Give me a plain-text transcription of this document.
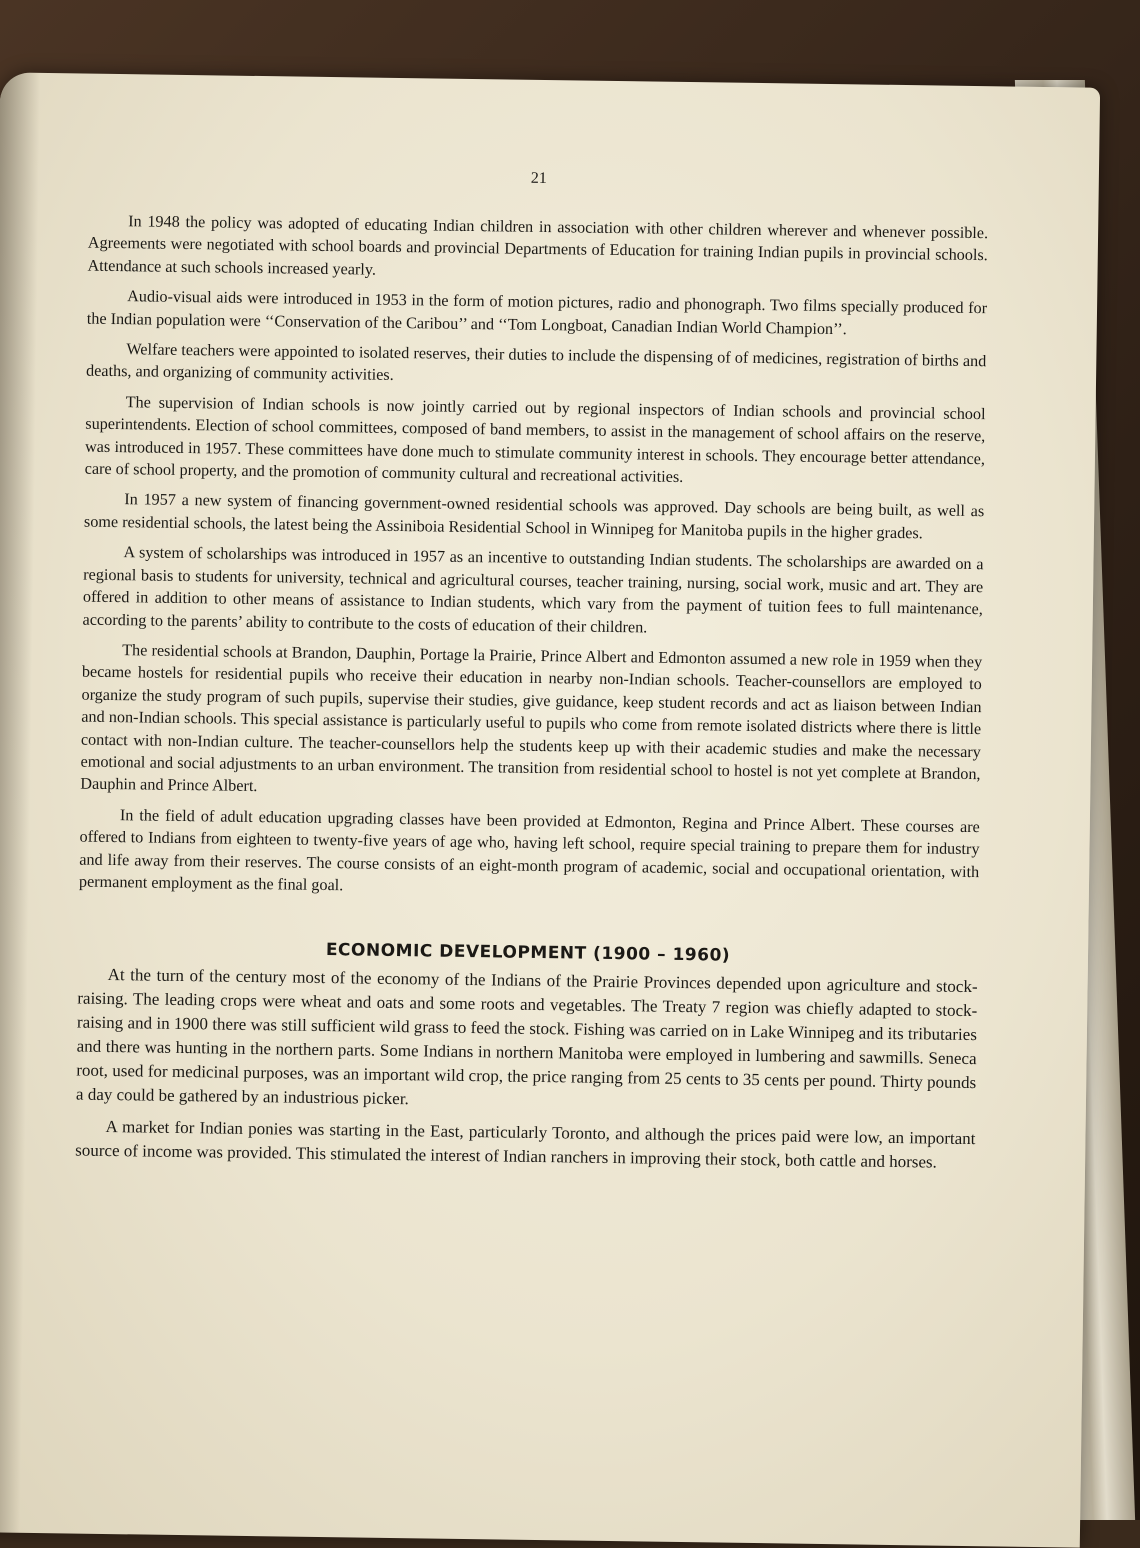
21

In 1948 the policy was adopted of educating Indian children in association with other children wherever and whenever possible. Agreements were negotiated with school boards and provincial Departments of Education for training Indian pupils in provincial schools. Attendance at such schools increased yearly.

Audio-visual aids were introduced in 1953 in the form of motion pictures, radio and phonograph. Two films specially produced for the Indian population were ‘‘Conservation of the Caribou’’ and ‘‘Tom Longboat, Canadian Indian World Champion’’.

Welfare teachers were appointed to isolated reserves, their duties to include the dispensing of of medicines, registration of births and deaths, and organizing of community activities.

The supervision of Indian schools is now jointly carried out by regional inspectors of Indian schools and provincial school superintendents. Election of school committees, composed of band members, to assist in the management of school affairs on the reserve, was introduced in 1957. These committees have done much to stimulate community interest in schools. They encourage better attendance, care of school property, and the promotion of community cultural and recreational activities.

In 1957 a new system of financing government-owned residential schools was approved. Day schools are being built, as well as some residential schools, the latest being the Assiniboia Residential School in Winnipeg for Manitoba pupils in the higher grades.

A system of scholarships was introduced in 1957 as an incentive to outstanding Indian students. The scholarships are awarded on a regional basis to students for university, technical and agricultural courses, teacher training, nursing, social work, music and art. They are offered in addition to other means of assistance to Indian students, which vary from the payment of tuition fees to full maintenance, according to the parents’ ability to contribute to the costs of education of their children.

The residential schools at Brandon, Dauphin, Portage la Prairie, Prince Albert and Edmonton assumed a new role in 1959 when they became hostels for residential pupils who receive their education in nearby non-Indian schools. Teacher-counsellors are employed to organize the study program of such pupils, supervise their studies, give guidance, keep student records and act as liaison between Indian and non-Indian schools. This special assistance is particularly useful to pupils who come from remote isolated districts where there is little contact with non-Indian culture. The teacher-counsellors help the students keep up with their academic studies and make the necessary emotional and social adjustments to an urban environment. The transition from residential school to hostel is not yet complete at Brandon, Dauphin and Prince Albert.

In the field of adult education upgrading classes have been provided at Edmonton, Regina and Prince Albert. These courses are offered to Indians from eighteen to twenty-five years of age who, having left school, require special training to prepare them for industry and life away from their reserves. The course consists of an eight-month program of academic, social and occupational orientation, with permanent employment as the final goal.

ECONOMIC DEVELOPMENT (1900 – 1960)

At the turn of the century most of the economy of the Indians of the Prairie Provinces depended upon agriculture and stock-raising. The leading crops were wheat and oats and some roots and vegetables. The Treaty 7 region was chiefly adapted to stock-raising and in 1900 there was still sufficient wild grass to feed the stock. Fishing was carried on in Lake Winnipeg and its tributaries and there was hunting in the northern parts. Some Indians in northern Manitoba were employed in lumbering and sawmills. Seneca root, used for medicinal purposes, was an important wild crop, the price ranging from 25 cents to 35 cents per pound. Thirty pounds a day could be gathered by an industrious picker.

A market for Indian ponies was starting in the East, particularly Toronto, and although the prices paid were low, an important source of income was provided. This stimulated the interest of Indian ranchers in improving their stock, both cattle and horses.
